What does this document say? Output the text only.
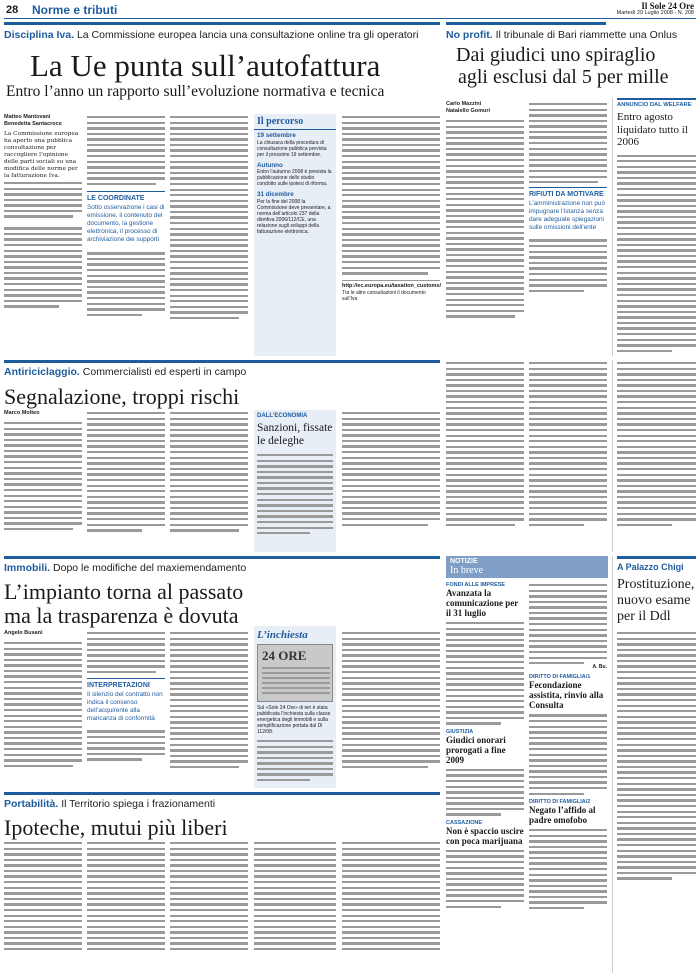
28 Norme e tributi	Il Sole 24 Ore
Martedì 29 Luglio 2008 - N. 208
Disciplina Iva. La Commissione europea lancia una consultazione online tra gli operatori
La Ue punta sull’autofattura
Entro l’anno un rapporto sull’evoluzione normativa e tecnica
Matteo Mantovani
Benedetta Santacroce
La Commissione europea ha aperto una pubblica consultazione per raccogliere l’opinione delle parti sociali su una modifica delle norme per la fatturazione Iva.
LE COORDINATE
Sotto osservazione i casi di emissione, il contenuto del documento, la gestione elettronica, il processo di archiviazione dei supporti
Il percorso
19 settembre
La chiusura della procedura di consultazione pubblica prevista per il prossimo 19 settembre.
Autunno
Entro l’autunno 2008 è prevista la pubblicazione dello studio condotto sulle ipotesi di riforma.
31 dicembre
Per la fine del 2008 la Commissione deve presentare, a norma dell’articolo 237 della direttiva 2006/112/CE, una relazione sugli sviluppi della fatturazione elettronica.
http://ec.europa.eu/taxation_customs/
Tra le altre consultazioni il documento sull’Iva
No profit. Il tribunale di Bari riammette una Onlus
Dai giudici uno spiraglio
agli esclusi dal 5 per mille
Carlo Mazzini
Natalello Gomuri
RIFIUTI DA MOTIVARE
L’amministrazione non può impugnare l’istanza senza dare adeguate spiegazioni sulle omissioni dell’ente
ANNUNCIO DAL WELFARE
Entro agosto liquidato tutto il 2006
Antiriciclaggio. Commercialisti ed esperti in campo
Segnalazione, troppi rischi
Marco Molteo	DALL’ECONOMIA
Sanzioni, fissate le deleghe
Immobili. Dopo le modifiche del maxiemendamento
L’impianto torna al passato
ma la trasparenza è dovuta
Angelo Busani
INTERPRETAZIONI
Il silenzio del contratto non indica il consenso dell’acquirente alla mancanza di conformità
L’inchiesta
24 ORE
Sul «Sole 24 Ore» di ieri è stata pubblicata l’inchiesta sulla classe energetica degli immobili e sulla semplificazione portata dal Dl 112/08.
Portabilità. Il Territorio spiega i frazionamenti
Ipoteche, mutui più liberi
NOTIZIE
In breve
FONDI ALLE IMPRESE
Avanzata la comunicazione per il 31 luglio
GIUSTIZIA
Giudici onorari prorogati a fine 2009
CASSAZIONE
Non è spaccio uscire con poca marijuana
A. Bu.
DIRITTO DI FAMIGLIA/1
Fecondazione assistita, rinvio alla Consulta
DIRITTO DI FAMIGLIA/2
Negato l’affido al padre omofobo
A Palazzo Chigi
Prostituzione, nuovo esame per il Ddl
